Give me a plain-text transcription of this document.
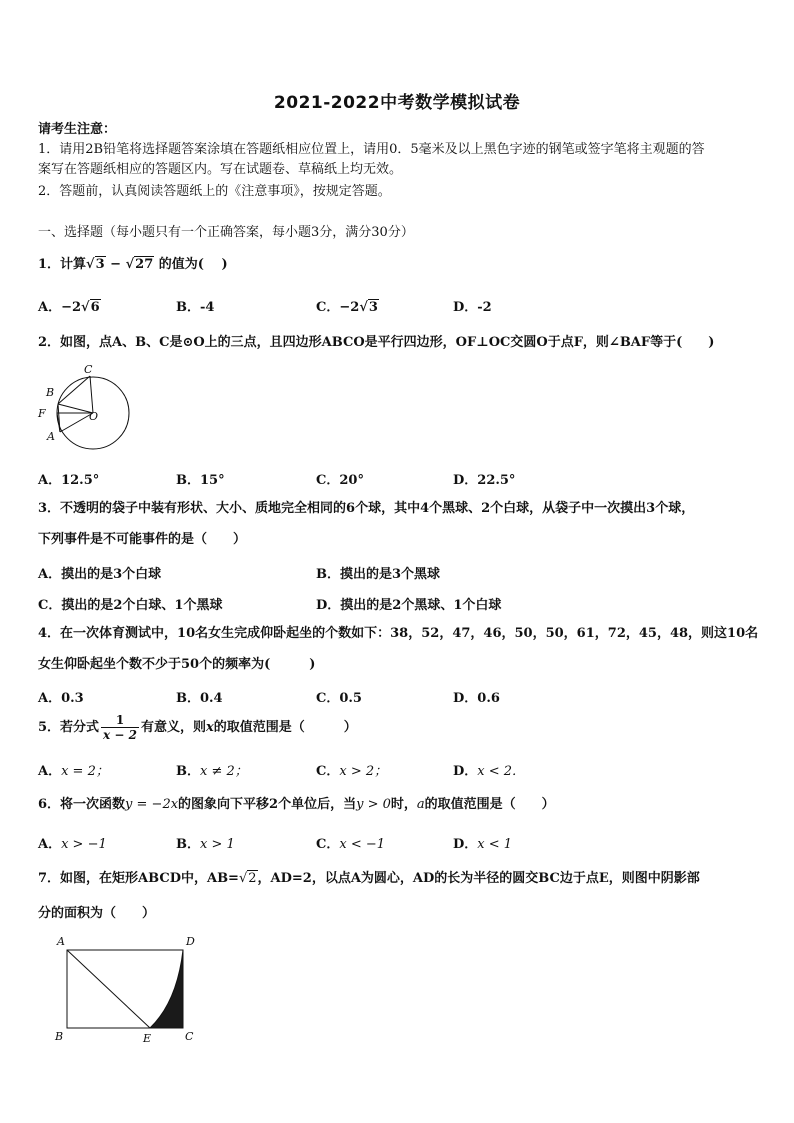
2021-2022中考数学模拟试卷
请考生注意：
1．请用2B铅笔将选择题答案涂填在答题纸相应位置上，请用0．5毫米及以上黑色字迹的钢笔或签字笔将主观题的答
案写在答题纸相应的答题区内。写在试题卷、草稿纸上均无效。
2．答题前，认真阅读答题纸上的《注意事项》，按规定答题。
一、选择题（每小题只有一个正确答案，每小题3分，满分30分）
1．计算√3 − √27 的值为(　 )
A．−2√6	B．-4	C．−2√3	D．-2
2．如图，点A、B、C是⊙O上的三点，且四边形ABCO是平行四边形，OF⊥OC交圆O于点F，则∠BAF等于(　　)
C
B
F	O
A
A．12.5°	B．15°	C．20°	D．22.5°
3．不透明的袋子中装有形状、大小、质地完全相同的6个球，其中4个黑球、2个白球，从袋子中一次摸出3个球，
下列事件是不可能事件的是（　　）
A．摸出的是3个白球	B．摸出的是3个黑球
C．摸出的是2个白球、1个黑球	D．摸出的是2个黑球、1个白球
4．在一次体育测试中，10名女生完成仰卧起坐的个数如下：38，52，47，46，50，50，61，72，45，48，则这10名
女生仰卧起坐个数不少于50个的频率为(　　　)
A．0.3	B．0.4	C．0.5	D．0.6
5．若分式 $\frac{1}{x - 2}$ 有意义，则x的取值范围是（　　　）
A．x = 2；	B．x ≠ 2；	C．x > 2；	D．x < 2．
6．将一次函数y = −2x的图象向下平移2个单位后，当y > 0时，a的取值范围是（　　）
A．x > −1	B．x > 1	C．x < −1	D．x < 1
7．如图，在矩形ABCD中，AB=√2，AD=2，以点A为圆心，AD的长为半径的圆交BC边于点E，则图中阴影部
分的面积为（　　）
A	D
B	E	C
